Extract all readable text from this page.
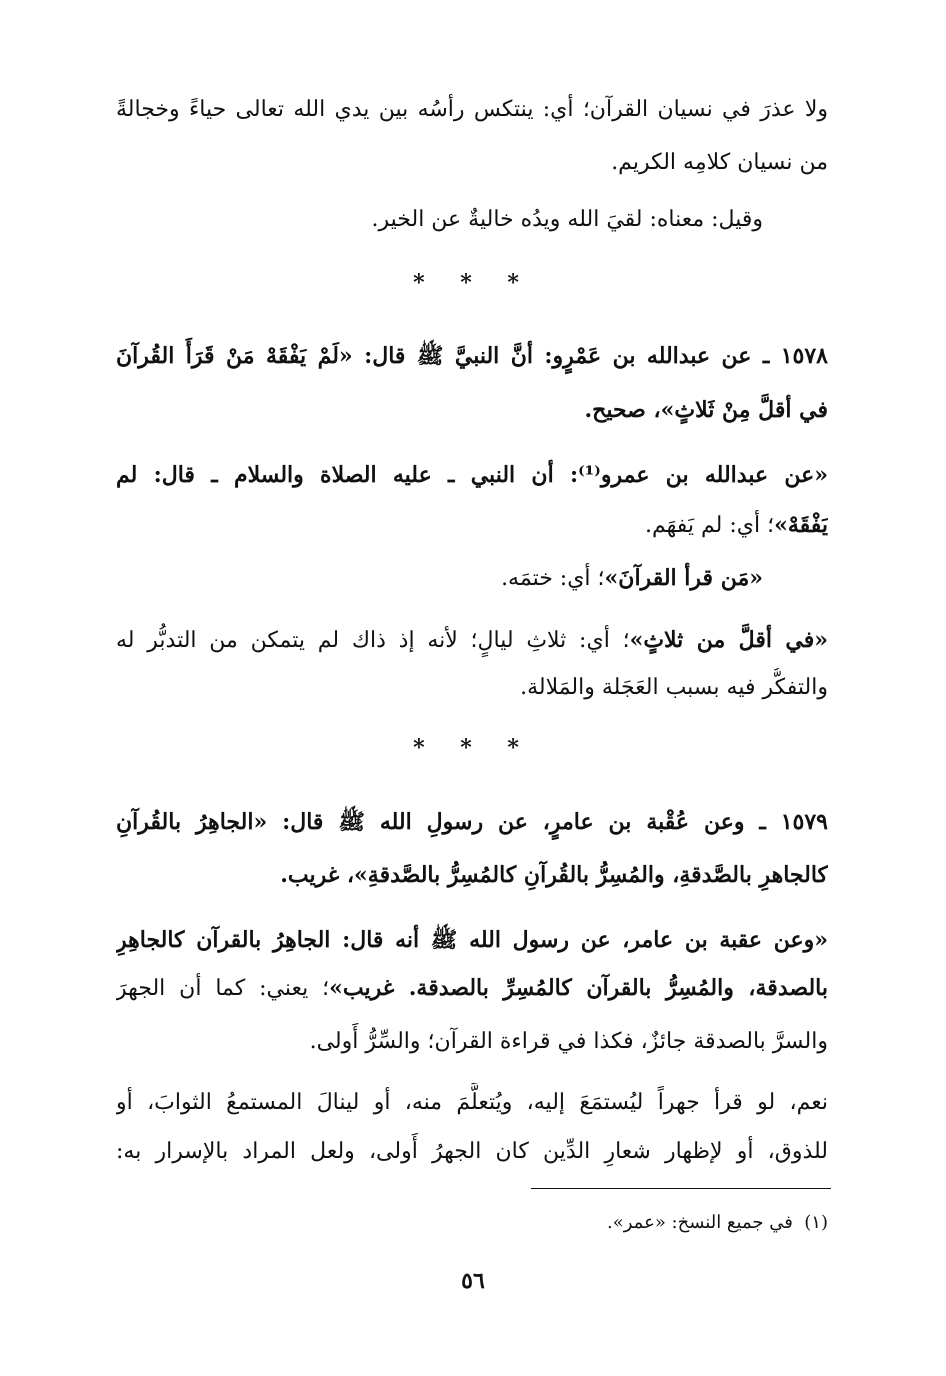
ولا عذرَ في نسيان القرآن؛ أي: ينتكس رأسُه بين يدي الله تعالى حياءً وخجالةً
من نسيان كلامِه الكريم.
وقيل: معناه: لقيَ الله ويدُه خاليةٌ عن الخير.
* * *
١٥٧٨ ـ عن عبدالله بن عَمْرٍو: أنَّ النبيَّ ﷺ قال: «لَمْ يَفْقَهْ مَنْ قَرَأَ القُرآنَ
في أقلَّ مِنْ ثَلاثٍ»، صحيح.
«عن عبدالله بن عمرو⁽¹⁾: أن النبي ـ عليه الصلاة والسلام ـ قال: لم
يَفْقَهْ»؛ أي: لم يَفهَم.
«مَن قرأ القرآنَ»؛ أي: ختمَه.
«في أقلَّ من ثلاثٍ»؛ أي: ثلاثِ ليالٍ؛ لأنه إذ ذاك لم يتمكن من التدبُّر له
والتفكُّر فيه بسبب العَجَلة والمَلالة.
* * *
١٥٧٩ ـ وعن عُقْبة بن عامرٍ، عن رسولِ الله ﷺ قال: «الجاهِرُ بالقُرآنِ
كالجاهرِ بالصَّدقةِ، والمُسِرُّ بالقُرآنِ كالمُسِرُّ بالصَّدقةِ»، غريب.
«وعن عقبة بن عامر، عن رسول الله ﷺ أنه قال: الجاهِرُ بالقرآن كالجاهِرِ
بالصدقة، والمُسِرُّ بالقرآن كالمُسِرِّ بالصدقة. غريب»؛ يعني: كما أن الجهرَ
والسرَّ بالصدقة جائزٌ، فكذا في قراءة القرآن؛ والسِّرُّ أَولى.
نعم، لو قرأ جهراً ليُستمَعَ إليه، ويُتعلَّمَ منه، أو لينالَ المستمعُ الثوابَ، أو
للذوق، أو لإظهار شعارِ الدِّين كان الجهرُ أَولى، ولعل المراد بالإسرار به:
(١)  في جميع النسخ: «عمر».
٥٦
